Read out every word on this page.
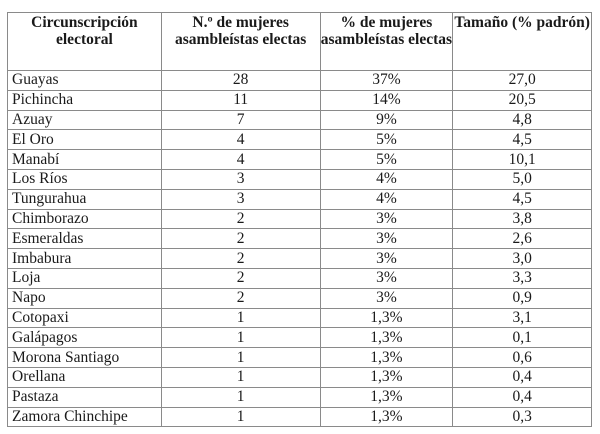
Circunscripción electoral	N.º de mujeres asambleístas electas	% de mujeres asambleístas electas	Tamaño (% padrón)
Guayas	28	37%	27,0
Pichincha	11	14%	20,5
Azuay	7	9%	4,8
El Oro	4	5%	4,5
Manabí	4	5%	10,1
Los Ríos	3	4%	5,0
Tungurahua	3	4%	4,5
Chimborazo	2	3%	3,8
Esmeraldas	2	3%	2,6
Imbabura	2	3%	3,0
Loja	2	3%	3,3
Napo	2	3%	0,9
Cotopaxi	1	1,3%	3,1
Galápagos	1	1,3%	0,1
Morona Santiago	1	1,3%	0,6
Orellana	1	1,3%	0,4
Pastaza	1	1,3%	0,4
Zamora Chinchipe	1	1,3%	0,3
